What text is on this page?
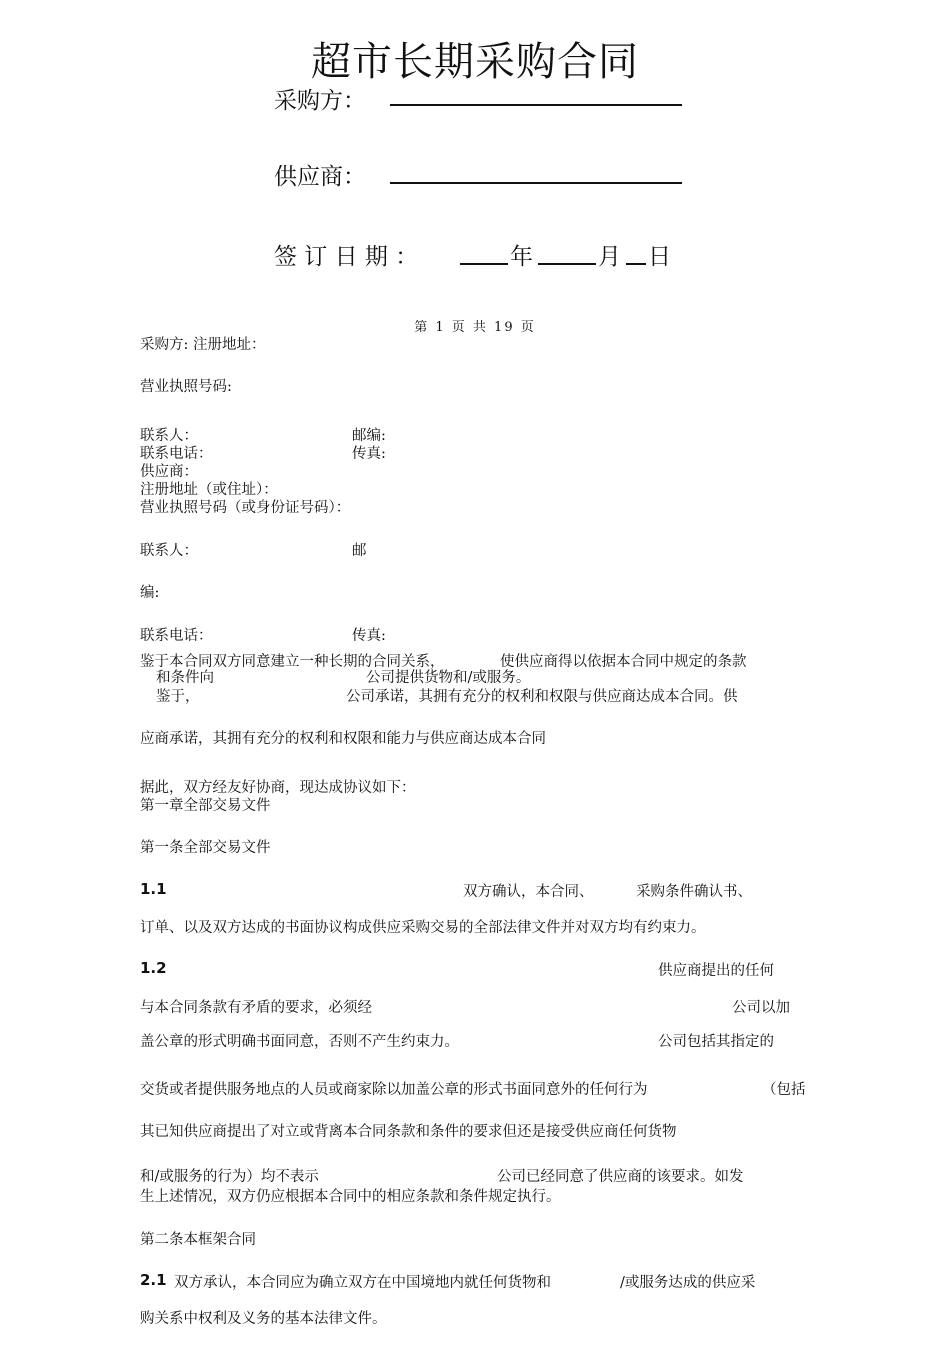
超市长期采购合同
采购方：
供应商：
签 订 日 期 ：	年	月 日
第 1 页 共 19 页
采购方: 注册地址：
营业执照号码:
联系人：	邮编:
联系电话：	传真:
供应商：
注册地址（或住址）：
营业执照号码（或身份证号码）：
联系人：	邮
编:
联系电话：	传真:
鉴于本合同双方同意建立一种长期的合同关系，	使供应商得以依据本合同中规定的条款
和条件向	公司提供货物和/或服务。
鉴于，	公司承诺，其拥有充分的权利和权限与供应商达成本合同。供
应商承诺，其拥有充分的权利和权限和能力与供应商达成本合同
据此，双方经友好协商，现达成协议如下：
第一章全部交易文件
第一条全部交易文件
1.1	双方确认，本合同、	采购条件确认书、
订单、以及双方达成的书面协议构成供应采购交易的全部法律文件并对双方均有约束力。
1.2	供应商提出的任何
与本合同条款有矛盾的要求，必须经	公司以加
盖公章的形式明确书面同意，否则不产生约束力。	公司包括其指定的
交货或者提供服务地点的人员或商家除以加盖公章的形式书面同意外的任何行为	（包括
其已知供应商提出了对立或背离本合同条款和条件的要求但还是接受供应商任何货物
和/或服务的行为）均不表示	公司已经同意了供应商的该要求。如发
生上述情况，双方仍应根据本合同中的相应条款和条件规定执行。
第二条本框架合同
2.1 双方承认，本合同应为确立双方在中国境地内就任何货物和	/或服务达成的供应采
购关系中权利及义务的基本法律文件。
